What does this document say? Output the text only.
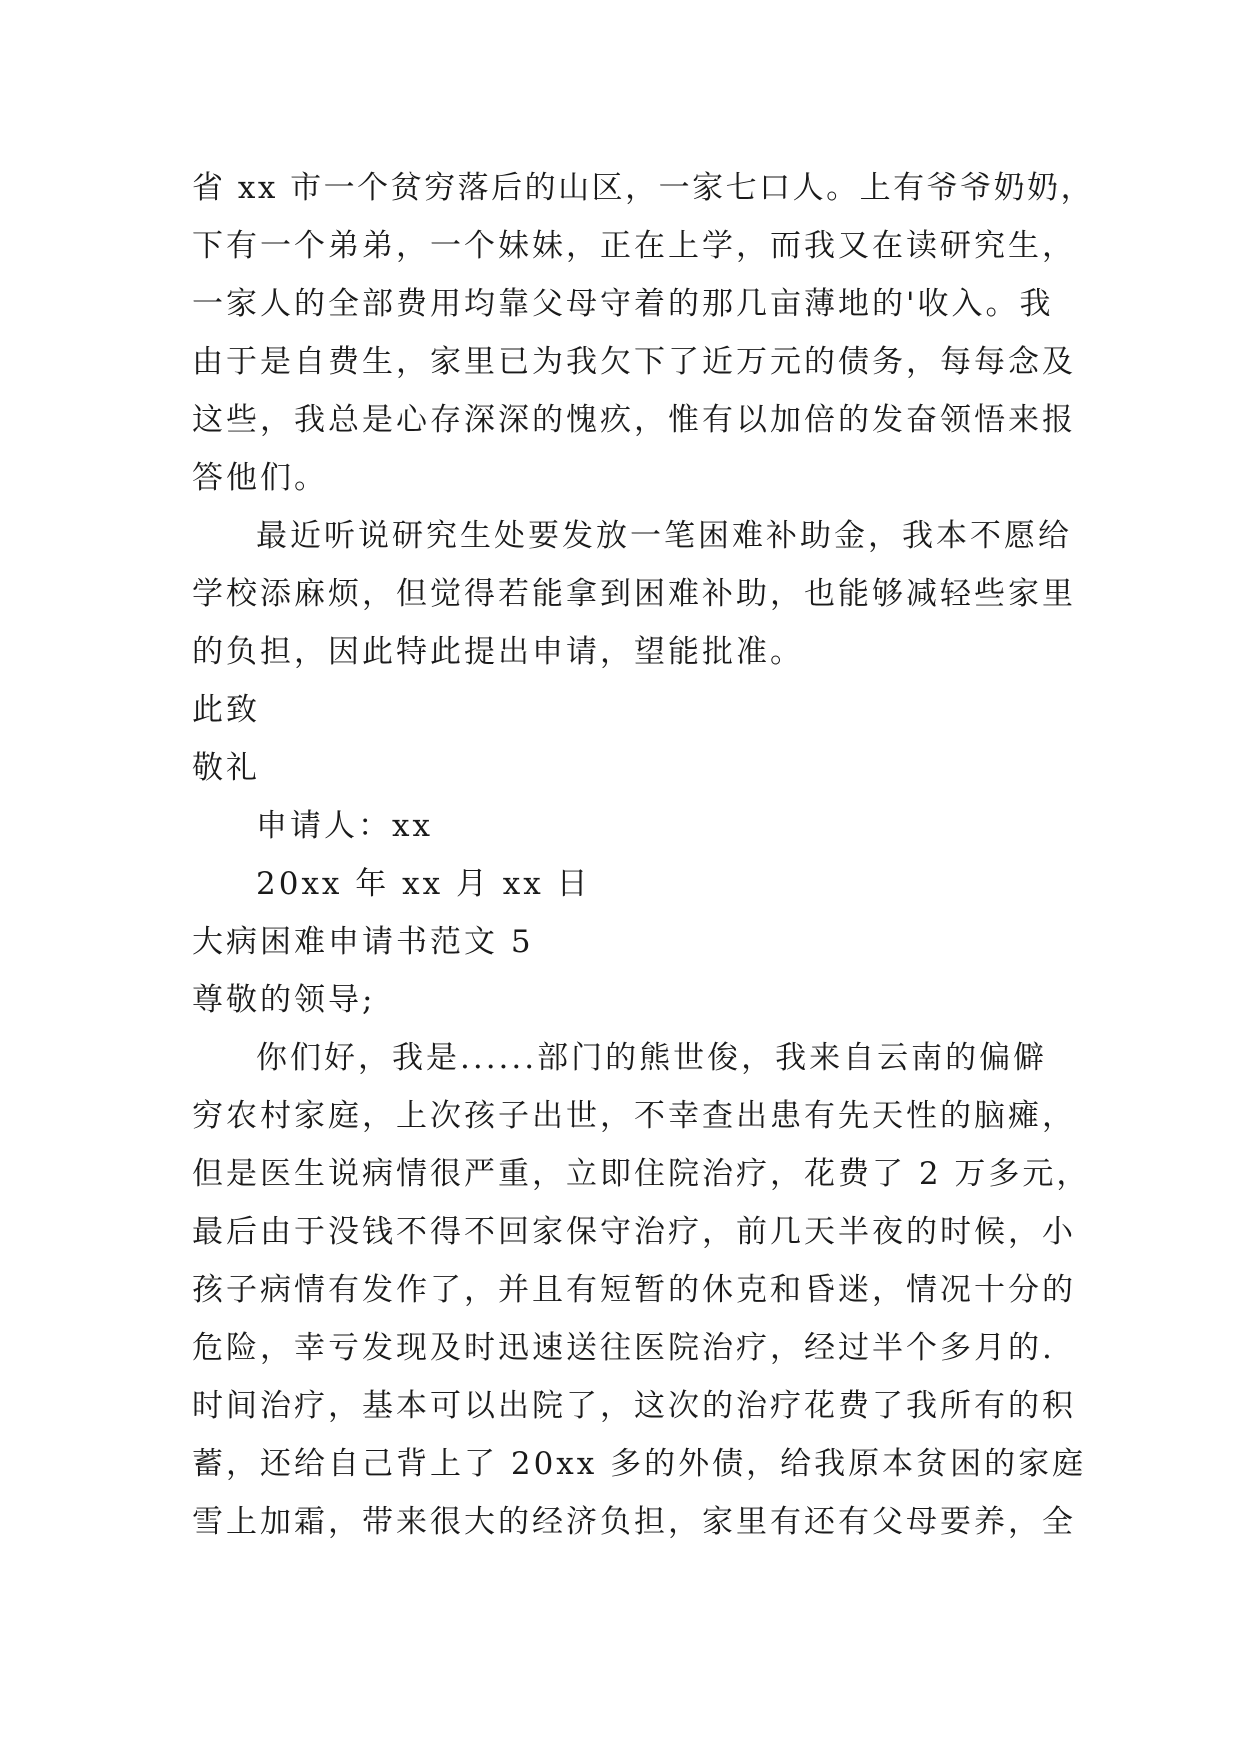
省 xx 市一个贫穷落后的山区，一家七口人。上有爷爷奶奶，
下有一个弟弟，一个妹妹，正在上学，而我又在读研究生，
一家人的全部费用均靠父母守着的那几亩薄地的'收入。我
由于是自费生，家里已为我欠下了近万元的债务，每每念及
这些，我总是心存深深的愧疚，惟有以加倍的发奋领悟来报
答他们。
最近听说研究生处要发放一笔困难补助金，我本不愿给
学校添麻烦，但觉得若能拿到困难补助，也能够减轻些家里
的负担，因此特此提出申请，望能批准。
此致
敬礼
申请人：xx
20xx 年 xx 月 xx 日
大病困难申请书范文 5
尊敬的领导;
你们好，我是......部门的熊世俊，我来自云南的偏僻
穷农村家庭，上次孩子出世，不幸查出患有先天性的脑瘫，
但是医生说病情很严重，立即住院治疗，花费了 2 万多元，
最后由于没钱不得不回家保守治疗，前几天半夜的时候，小
孩子病情有发作了，并且有短暂的休克和昏迷，情况十分的
危险，幸亏发现及时迅速送往医院治疗，经过半个多月的.
时间治疗，基本可以出院了，这次的治疗花费了我所有的积
蓄，还给自己背上了 20xx 多的外债，给我原本贫困的家庭
雪上加霜，带来很大的经济负担，家里有还有父母要养，全
